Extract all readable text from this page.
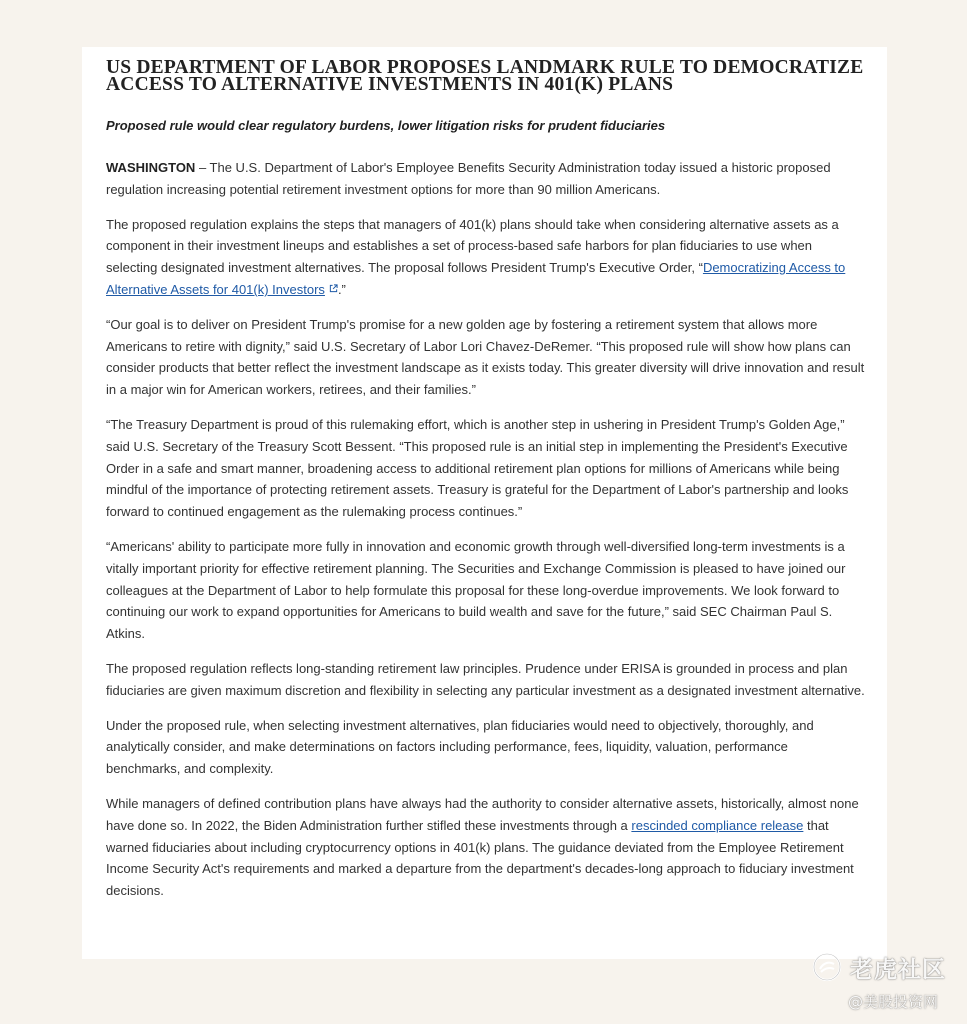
US DEPARTMENT OF LABOR PROPOSES LANDMARK RULE TO DEMOCRATIZE ACCESS TO ALTERNATIVE INVESTMENTS IN 401(K) PLANS
Proposed rule would clear regulatory burdens, lower litigation risks for prudent fiduciaries

WASHINGTON – The U.S. Department of Labor's Employee Benefits Security Administration today issued a historic proposed regulation increasing potential retirement investment options for more than 90 million Americans.

The proposed regulation explains the steps that managers of 401(k) plans should take when considering alternative assets as a component in their investment lineups and establishes a set of process-based safe harbors for plan fiduciaries to use when selecting designated investment alternatives. The proposal follows President Trump's Executive Order, “Democratizing Access to Alternative Assets for 401(k) Investors .”

“Our goal is to deliver on President Trump's promise for a new golden age by fostering a retirement system that allows more Americans to retire with dignity,” said U.S. Secretary of Labor Lori Chavez-DeRemer. “This proposed rule will show how plans can consider products that better reflect the investment landscape as it exists today. This greater diversity will drive innovation and result in a major win for American workers, retirees, and their families.”

“The Treasury Department is proud of this rulemaking effort, which is another step in ushering in President Trump's Golden Age,” said U.S. Secretary of the Treasury Scott Bessent. “This proposed rule is an initial step in implementing the President's Executive Order in a safe and smart manner, broadening access to additional retirement plan options for millions of Americans while being mindful of the importance of protecting retirement assets. Treasury is grateful for the Department of Labor's partnership and looks forward to continued engagement as the rulemaking process continues.”

“Americans' ability to participate more fully in innovation and economic growth through well-diversified long-term investments is a vitally important priority for effective retirement planning. The Securities and Exchange Commission is pleased to have joined our colleagues at the Department of Labor to help formulate this proposal for these long-overdue improvements. We look forward to continuing our work to expand opportunities for Americans to build wealth and save for the future,” said SEC Chairman Paul S. Atkins.

The proposed regulation reflects long-standing retirement law principles. Prudence under ERISA is grounded in process and plan fiduciaries are given maximum discretion and flexibility in selecting any particular investment as a designated investment alternative.

Under the proposed rule, when selecting investment alternatives, plan fiduciaries would need to objectively, thoroughly, and analytically consider, and make determinations on factors including performance, fees, liquidity, valuation, performance benchmarks, and complexity.

While managers of defined contribution plans have always had the authority to consider alternative assets, historically, almost none have done so. In 2022, the Biden Administration further stifled these investments through a rescinded compliance release that warned fiduciaries about including cryptocurrency options in 401(k) plans. The guidance deviated from the Employee Retirement Income Security Act's requirements and marked a departure from the department's decades-long approach to fiduciary investment decisions.

老虎社区
@美股投资网
